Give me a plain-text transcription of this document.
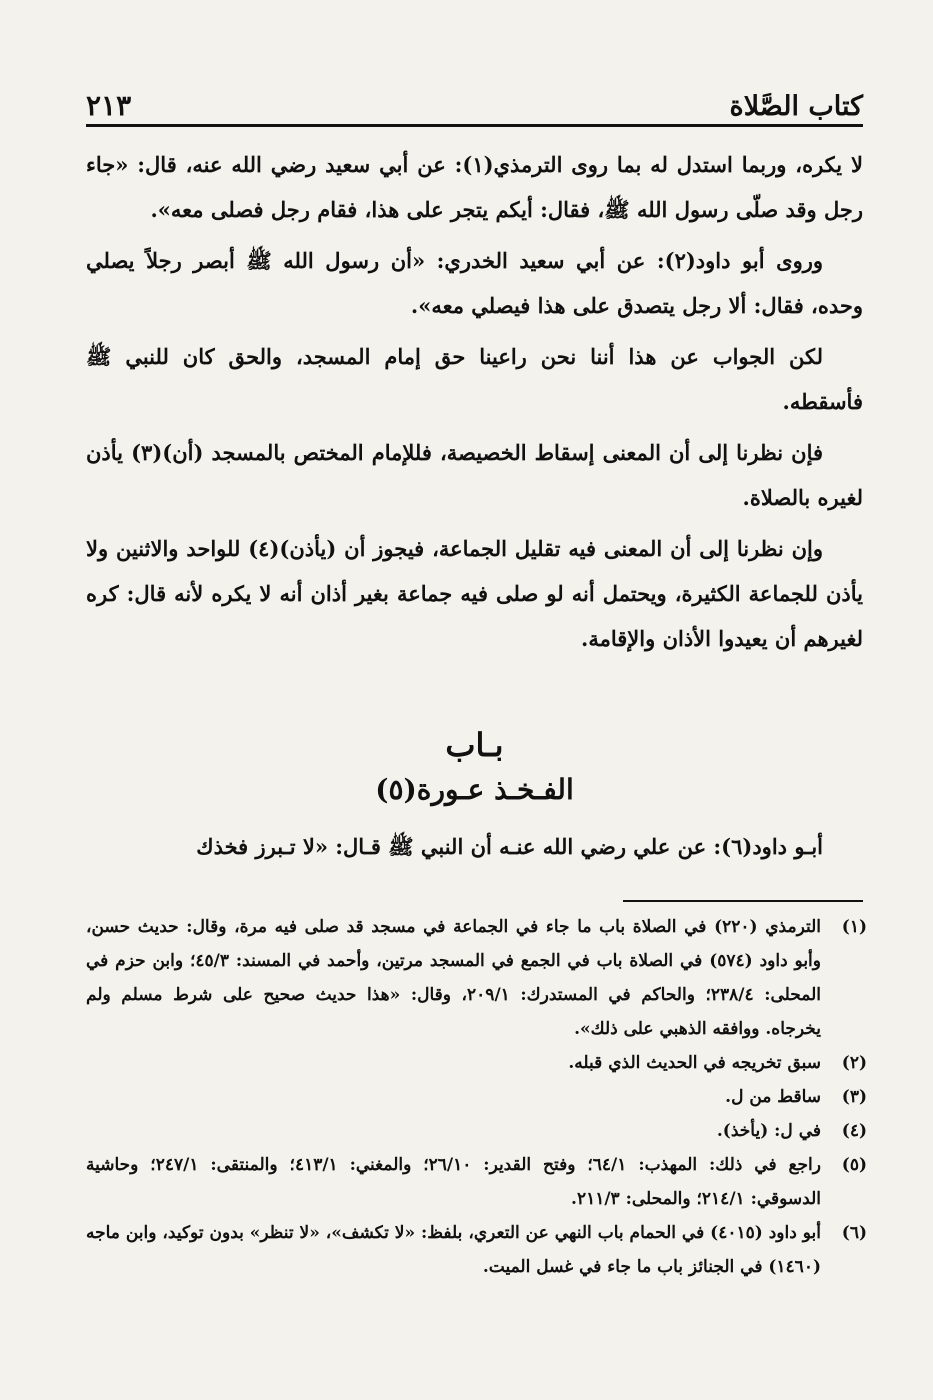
كتاب الصَّلاة
٢١٣

لا يكره، وربما استدل له بما روى الترمذي(١): عن أبي سعيد رضي الله عنه، قال: «جاء رجل وقد صلّى رسول الله ﷺ، فقال: أيكم يتجر على هذا، فقام رجل فصلى معه».

وروى أبو داود(٢): عن أبي سعيد الخدري: «أن رسول الله ﷺ أبصر رجلاً يصلي وحده، فقال: ألا رجل يتصدق على هذا فيصلي معه».

لكن الجواب عن هذا أننا نحن راعينا حق إمام المسجد، والحق كان للنبي ﷺ فأسقطه.

فإن نظرنا إلى أن المعنى إسقاط الخصيصة، فللإمام المختص بالمسجد (أن)(٣) يأذن لغيره بالصلاة.

وإن نظرنا إلى أن المعنى فيه تقليل الجماعة، فيجوز أن (يأذن)(٤) للواحد والاثنين ولا يأذن للجماعة الكثيرة، ويحتمل أنه لو صلى فيه جماعة بغير أذان أنه لا يكره لأنه قال: كره لغيرهم أن يعيدوا الأذان والإقامة.

بـاب
الفـخـذ عـورة(٥)
أبـو داود(٦): عن علي رضي الله عنـه أن النبي ﷺ قـال: «لا تـبرز فخذك
(١)
الترمذي (٢٢٠) في الصلاة باب ما جاء في الجماعة في مسجد قد صلى فيه مرة، وقال: حديث حسن، وأبو داود (٥٧٤) في الصلاة باب في الجمع في المسجد مرتين، وأحمد في المسند: ٤٥/٣؛ وابن حزم في المحلى: ٢٣٨/٤؛ والحاكم في المستدرك: ٢٠٩/١، وقال: «هذا حديث صحيح على شرط مسلم ولم يخرجاه. ووافقه الذهبي على ذلك».
(٢)
سبق تخريجه في الحديث الذي قبله.
(٣)
ساقط من ل.
(٤)
في ل: (يأخذ).
(٥)
راجع في ذلك: المهذب: ٦٤/١؛ وفتح القدير: ٢٦/١٠؛ والمغني: ٤١٣/١؛ والمنتقى: ٢٤٧/١؛ وحاشية الدسوقي: ٢١٤/١؛ والمحلى: ٢١١/٣.
(٦)
أبو داود (٤٠١٥) في الحمام باب النهي عن التعري، بلفظ: «لا تكشف»، «لا تنظر» بدون توكيد، وابن ماجه (١٤٦٠) في الجنائز باب ما جاء في غسل الميت.
